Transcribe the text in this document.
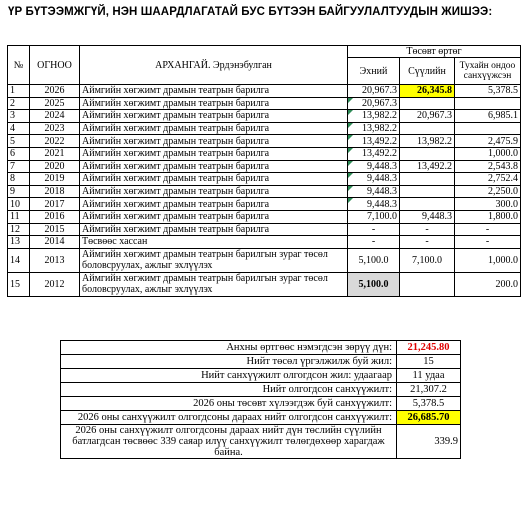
ҮР БҮТЭЭМЖГҮЙ, НЭН ШААРДЛАГАТАЙ БУС БҮТЭЭН БАЙГУУЛАЛТУУДЫН ЖИШЭЭ:
№	ОГНОО	АРХАНГАЙ. Эрдэнэбулган	Төсөвт өртөг		
			Эхний	Сүүлийн	Тухайн ондоо санхүүжсэн
1	2026	Аймгийн хөгжимт драмын театрын барилга	20,967.3	26,345.8	5,378.5
2	2025	Аймгийн хөгжимт драмын театрын барилга	20,967.3		
3	2024	Аймгийн хөгжимт драмын театрын барилга	13,982.2	20,967.3	6,985.1
4	2023	Аймгийн хөгжимт драмын театрын барилга	13,982.2		
5	2022	Аймгийн хөгжимт драмын театрын барилга	13,492.2	13,982.2	2,475.9
6	2021	Аймгийн хөгжимт драмын театрын барилга	13,492.2		1,000.0
7	2020	Аймгийн хөгжимт драмын театрын барилга	9,448.3	13,492.2	2,543.8
8	2019	Аймгийн хөгжимт драмын театрын барилга	9,448.3		2,752.4
9	2018	Аймгийн хөгжимт драмын театрын барилга	9,448.3		2,250.0
10	2017	Аймгийн хөгжимт драмын театрын барилга	9,448.3		300.0
11	2016	Аймгийн хөгжимт драмын театрын барилга	7,100.0	9,448.3	1,800.0
12	2015	Аймгийн хөгжимт драмын театрын барилга	-	-	-
13	2014	Төсвөөс хассан	-	-	-
14	2013	Аймгийн хөгжимт драмын театрын барилгын зураг төсөл боловсруулах, ажлыг эхлүүлэх	5,100.0	7,100.0	1,000.0
15	2012	Аймгийн хөгжимт драмын театрын барилгын зураг төсөл боловсруулах, ажлыг эхлүүлэх	5,100.0		200.0
Анхны өртгөөс нэмэгдсэн зөрүү дүн:	21,245.80
Нийт төсөл үргэлжилж буй жил:	15
Нийт санхүүжилт олгогдсон жил: удаагаар	11 удаа
Нийт олгогдсон санхүүжилт:	21,307.2
2026 оны төсөвт хүлээгдэж буй санхүүжилт:	5,378.5
2026 оны санхүүжилт олгогдсоны дараах нийт олгогдсон санхүүжилт:	26,685.70
2026 оны санхүүжилт олгогдсоны дараах нийт дүн төслийн сүүлийн батлагдсан төсвөөс 339 саяар илүү санхүүжилт төлөгдөхөөр харагдаж байна.	339.9
